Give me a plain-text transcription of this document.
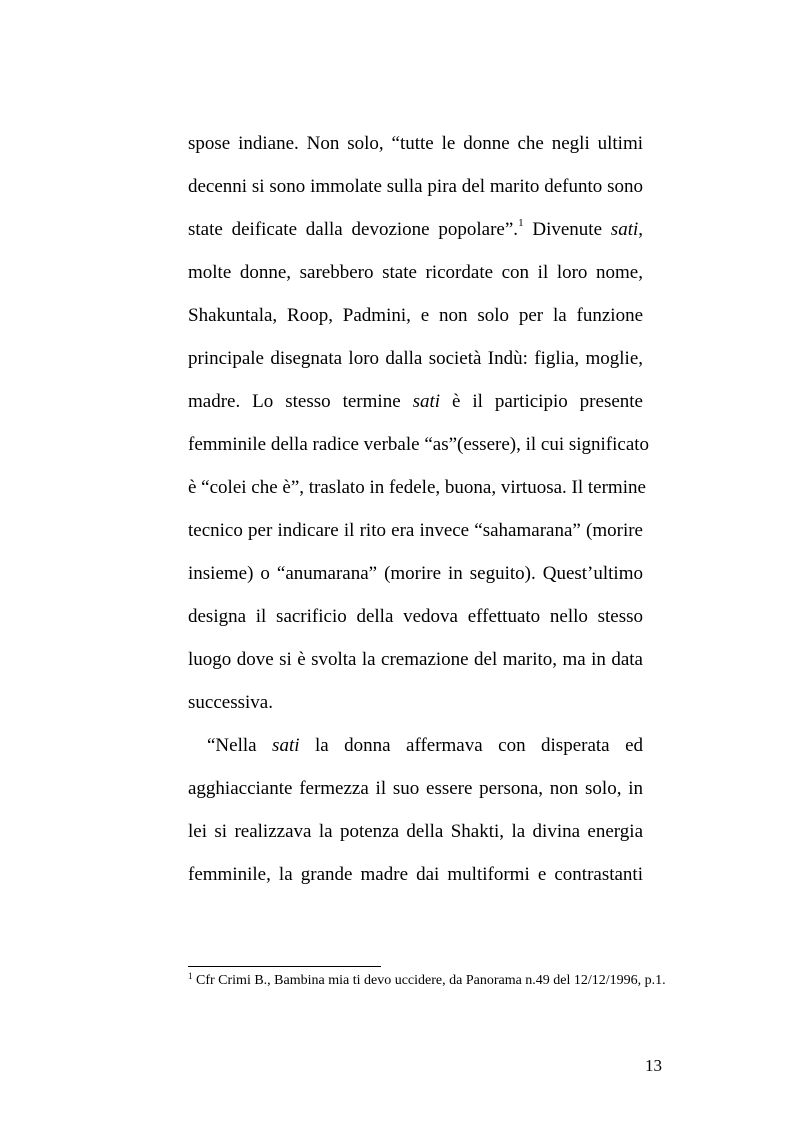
spose indiane. Non solo, “tutte le donne che negli ultimi
decenni si sono immolate sulla pira del marito defunto sono
state deificate dalla devozione popolare”.$^1$ Divenute sati,
molte donne, sarebbero state ricordate con il loro nome,
Shakuntala, Roop, Padmini, e non solo per la funzione
principale disegnata loro dalla società Indù: figlia, moglie,
madre. Lo stesso termine sati è il participio presente
femminile della radice verbale “as”(essere), il cui significato
è “colei che è”, traslato in fedele, buona, virtuosa. Il termine
tecnico per indicare il rito era invece “sahamarana” (morire
insieme) o “anumarana” (morire in seguito). Quest’ultimo
designa il sacrificio della vedova effettuato nello stesso
luogo dove si è svolta la cremazione del marito, ma in data
successiva.
“Nella sati la donna affermava con disperata ed
agghiacciante fermezza il suo essere persona, non solo, in
lei si realizzava la potenza della Shakti, la divina energia
femminile, la grande madre dai multiformi e contrastanti
$^1$ Cfr Crimi B., Bambina mia ti devo uccidere, da Panorama n.49 del 12/12/1996, p.1.
13
